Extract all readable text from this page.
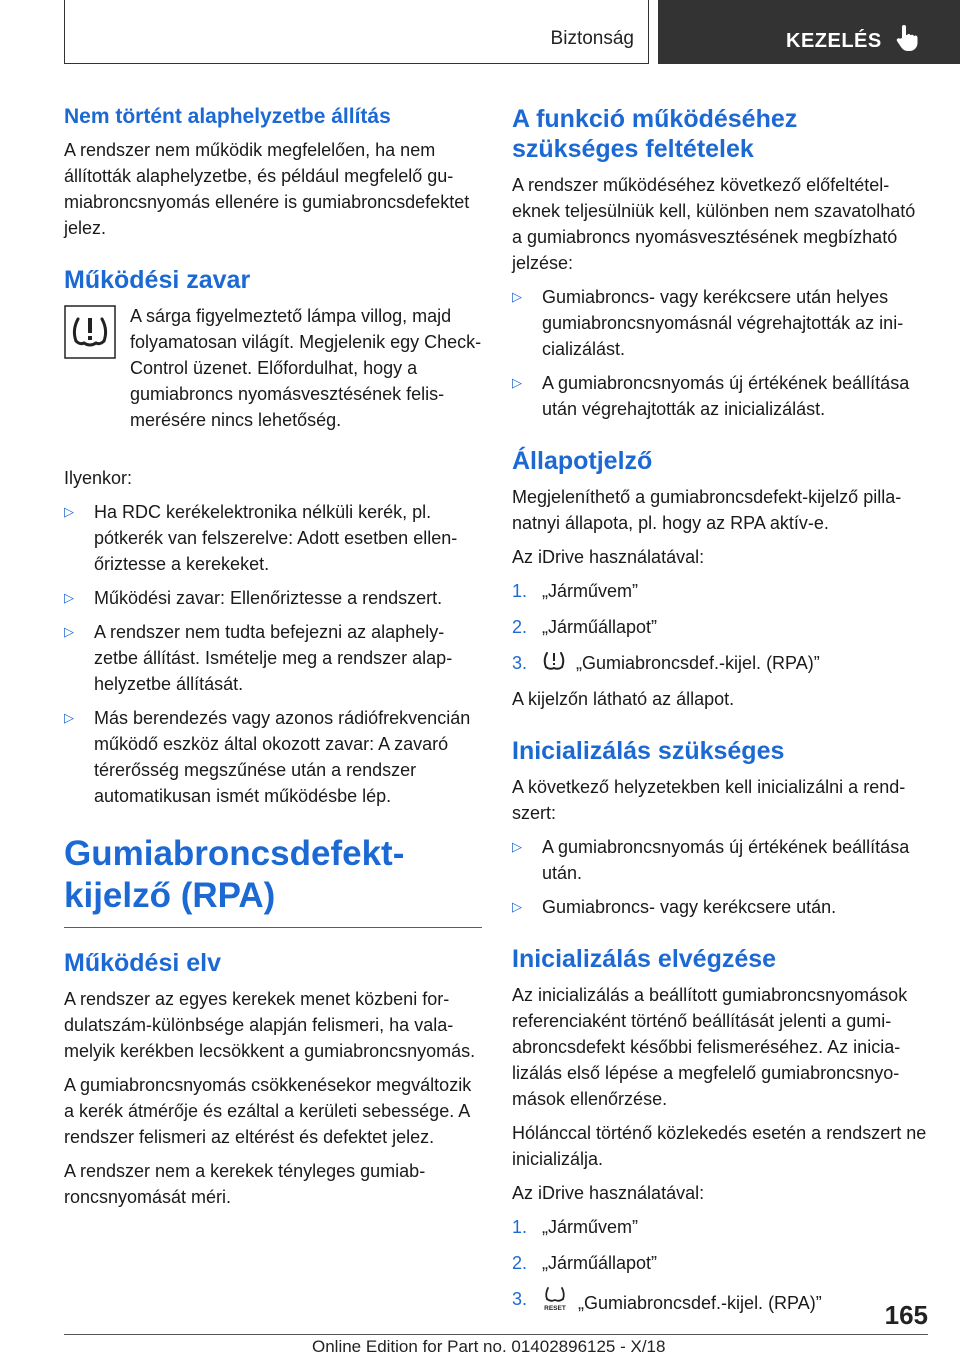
Biztonság	KEZELÉS
Nem történt alaphelyzetbe állítás

A rendszer nem működik megfelelően, ha nem állították alaphelyzetbe, és például megfelelő gumiabroncsnyomás ellenére is gumiabroncsdefektet jelez.

Működési zavar

A sárga figyelmeztető lámpa villog, majd folyamatosan világít. Megjelenik egy Check-Control üzenet. Előfordulhat, hogy a gumiabroncs nyomásvesztésének felismerésére nincs lehetőség.

Ilyenkor:

▷ Ha RDC kerékelektronika nélküli kerék, pl. pótkerék van felszerelve: Adott esetben ellenőriztesse a kerekeket.
▷ Működési zavar: Ellenőriztesse a rendszert.
▷ A rendszer nem tudta befejezni az alaphelyzetbe állítást. Ismételje meg a rendszer alaphelyzetbe állítását.
▷ Más berendezés vagy azonos rádiófrekvencián működő eszköz által okozott zavar: A zavaró térerősség megszűnése után a rendszer automatikusan ismét működésbe lép.
Gumiabroncsdefekt-kijelző (RPA)
Működési elv

A rendszer az egyes kerekek menet közbeni fordulatszám-különbsége alapján felismeri, ha valamelyik kerékben lecsökkent a gumiabroncsnyomás.

A gumiabroncsnyomás csökkenésekor megváltozik a kerék átmérője és ezáltal a kerületi sebessége. A rendszer felismeri az eltérést és defektet jelez.

A rendszer nem a kerekek tényleges gumiabroncsnyomását méri.

A funkció működéséhez szükséges feltételek

A rendszer működéséhez következő előfeltételeknek teljesülniük kell, különben nem szavatolható a gumiabroncs nyomásvesztésének megbízható jelzése:

▷ Gumiabroncs- vagy kerékcsere után helyes gumiabroncsnyomásnál végrehajtották az inicializálást.
▷ A gumiabroncsnyomás új értékének beállítása után végrehajtották az inicializálást.
Állapotjelző

Megjeleníthető a gumiabroncsdefekt-kijelző pillanatnyi állapota, pl. hogy az RPA aktív-e.

Az iDrive használatával:

1. „Járművem”
2. „Járműállapot”
3.	„Gumiabroncsdef.-kijel. (RPA)”

A kijelzőn látható az állapot.

Inicializálás szükséges

A következő helyzetekben kell inicializálni a rendszert:

▷ A gumiabroncsnyomás új értékének beállítása után.
▷ Gumiabroncs- vagy kerékcsere után.
Inicializálás elvégzése

Az inicializálás a beállított gumiabroncsnyomások referenciaként történő beállítását jelenti a gumiabroncsdefekt későbbi felismeréséhez. Az inicializálás első lépése a megfelelő gumiabroncsnyomások ellenőrzése.

Hólánccal történő közlekedés esetén a rendszert ne inicializálja.

Az iDrive használatával:

1. „Járművem”
2. „Járműállapot”
3.	RESET „Gumiabroncsdef.-kijel. (RPA)”	165
Online Edition for Part no. 01402896125 - X/18
